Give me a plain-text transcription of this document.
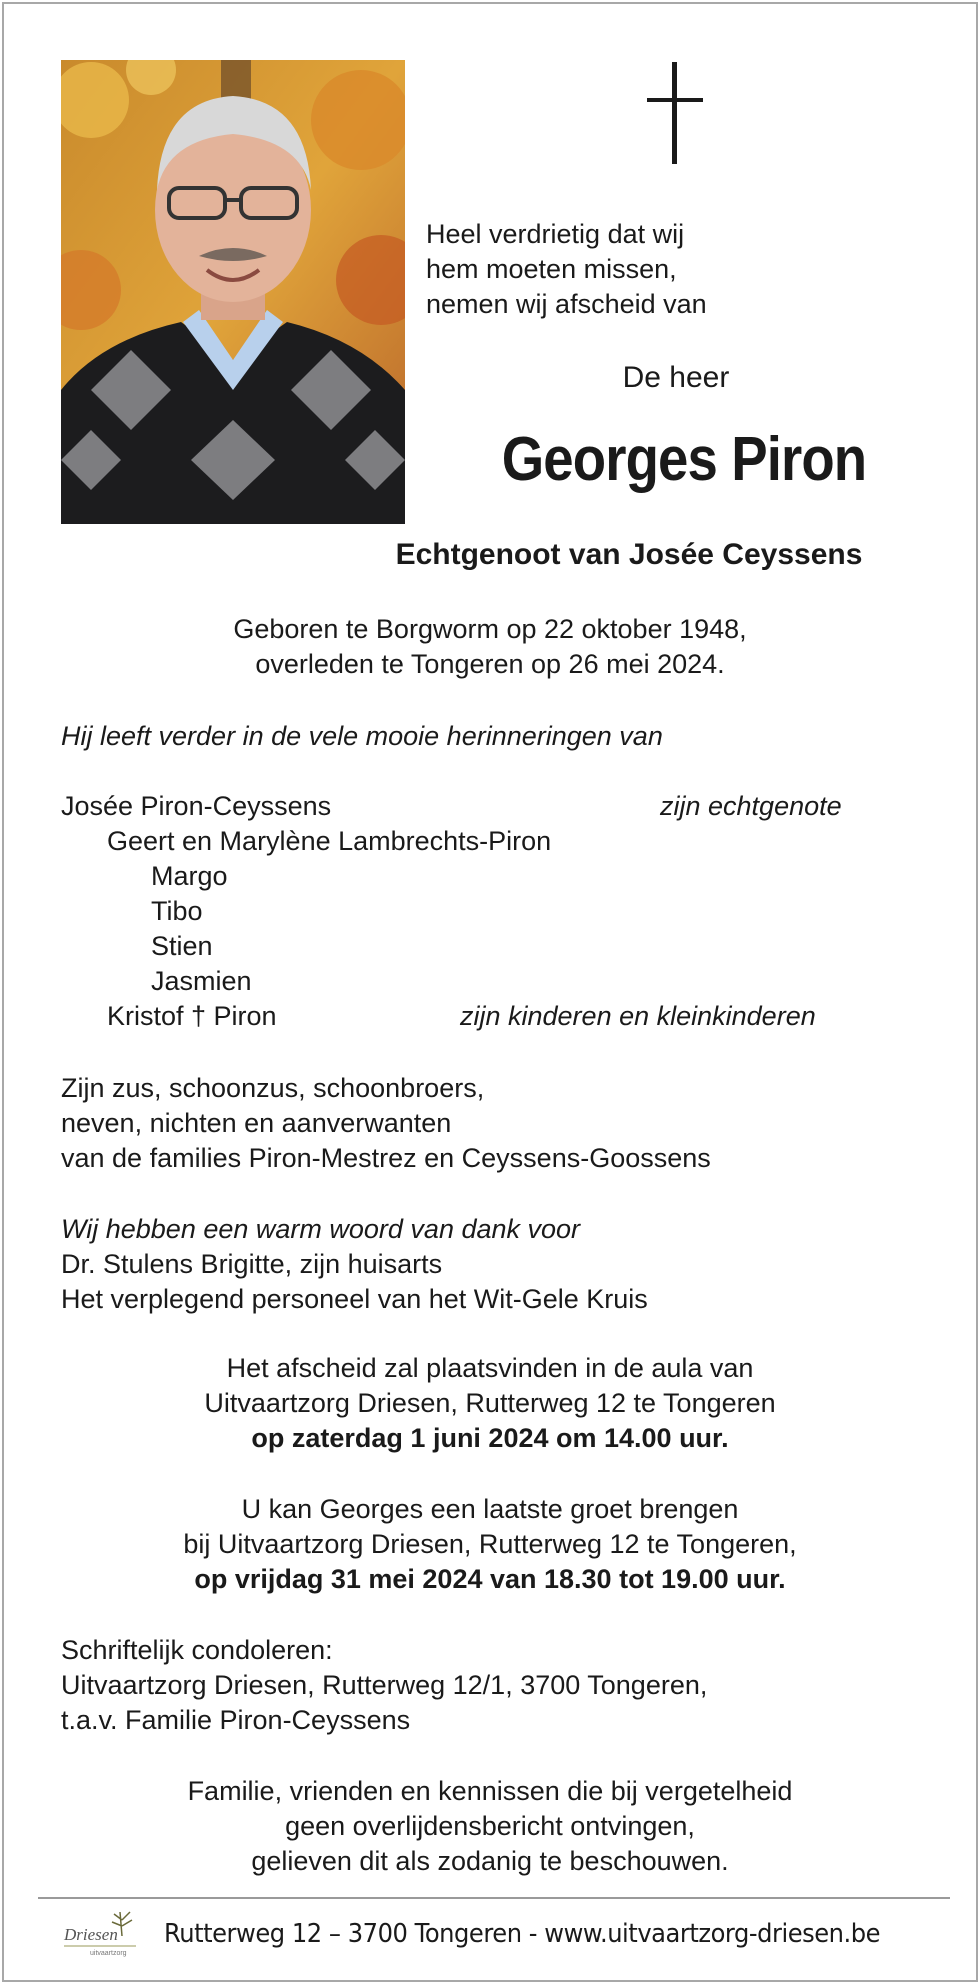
Heel verdrietig dat wij
hem moeten missen,
nemen wij afscheid van
De heer
Georges Piron
Echtgenoot van Josée Ceyssens
Geboren te Borgworm op 22 oktober 1948,
overleden te Tongeren op 26 mei 2024.
Hij leeft verder in de vele mooie herinneringen van
Josée Piron-Ceyssens	zijn echtgenote
Geert en Marylène Lambrechts-Piron
Margo
Tibo
Stien
Jasmien
Kristof † Piron	zijn kinderen en kleinkinderen
Zijn zus, schoonzus, schoonbroers,
neven, nichten en aanverwanten
van de families Piron-Mestrez en Ceyssens-Goossens
Wij hebben een warm woord van dank voor
Dr. Stulens Brigitte, zijn huisarts
Het verplegend personeel van het Wit-Gele Kruis
Het afscheid zal plaatsvinden in de aula van
Uitvaartzorg Driesen, Rutterweg 12 te Tongeren
op zaterdag 1 juni 2024 om 14.00 uur.
U kan Georges een laatste groet brengen
bij Uitvaartzorg Driesen, Rutterweg 12 te Tongeren,
op vrijdag 31 mei 2024 van 18.30 tot 19.00 uur.
Schriftelijk condoleren:
Uitvaartzorg Driesen, Rutterweg 12/1, 3700 Tongeren,
t.a.v. Familie Piron-Ceyssens
Familie, vrienden en kennissen die bij vergetelheid
geen overlijdensbericht ontvingen,
gelieven dit als zodanig te beschouwen.
Driesen
uitvaartzorg
Rutterweg 12 – 3700 Tongeren - www.uitvaartzorg-driesen.be
